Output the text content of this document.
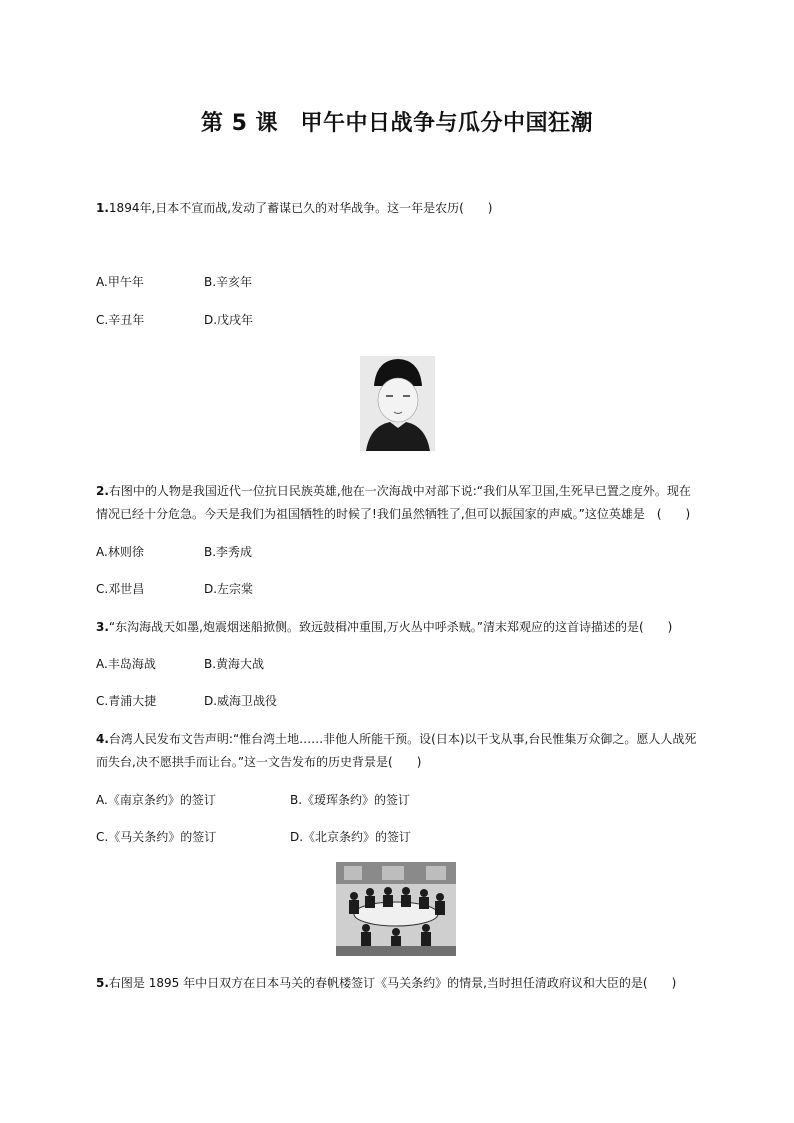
第 5 课　甲午中日战争与瓜分中国狂潮
1.1894年,日本不宣而战,发动了蓄谋已久的对华战争。这一年是农历(　　)
A.甲午年	B.辛亥年
C.辛丑年	D.戊戌年
2.右图中的人物是我国近代一位抗日民族英雄,他在一次海战中对部下说:“我们从军卫国,生死早已置之度外。现在
情况已经十分危急。今天是我们为祖国牺牲的时候了!我们虽然牺牲了,但可以振国家的声威。”这位英雄是　(　　)
A.林则徐	B.李秀成
C.邓世昌	D.左宗棠
3.“东沟海战天如墨,炮震烟迷船掀侧。致远鼓楫冲重围,万火丛中呼杀贼。”清末郑观应的这首诗描述的是(　　)
A.丰岛海战	B.黄海大战
C.青浦大捷	D.威海卫战役
4.台湾人民发布文告声明:“惟台湾土地……非他人所能干预。设(日本)以干戈从事,台民惟集万众御之。愿人人战死
而失台,决不愿拱手而让台。”这一文告发布的历史背景是(　　)
A.《南京条约》的签订	B.《瑷珲条约》的签订
C.《马关条约》的签订	D.《北京条约》的签订
5.右图是 1895 年中日双方在日本马关的春帆楼签订《马关条约》的情景,当时担任清政府议和大臣的是(　　)
